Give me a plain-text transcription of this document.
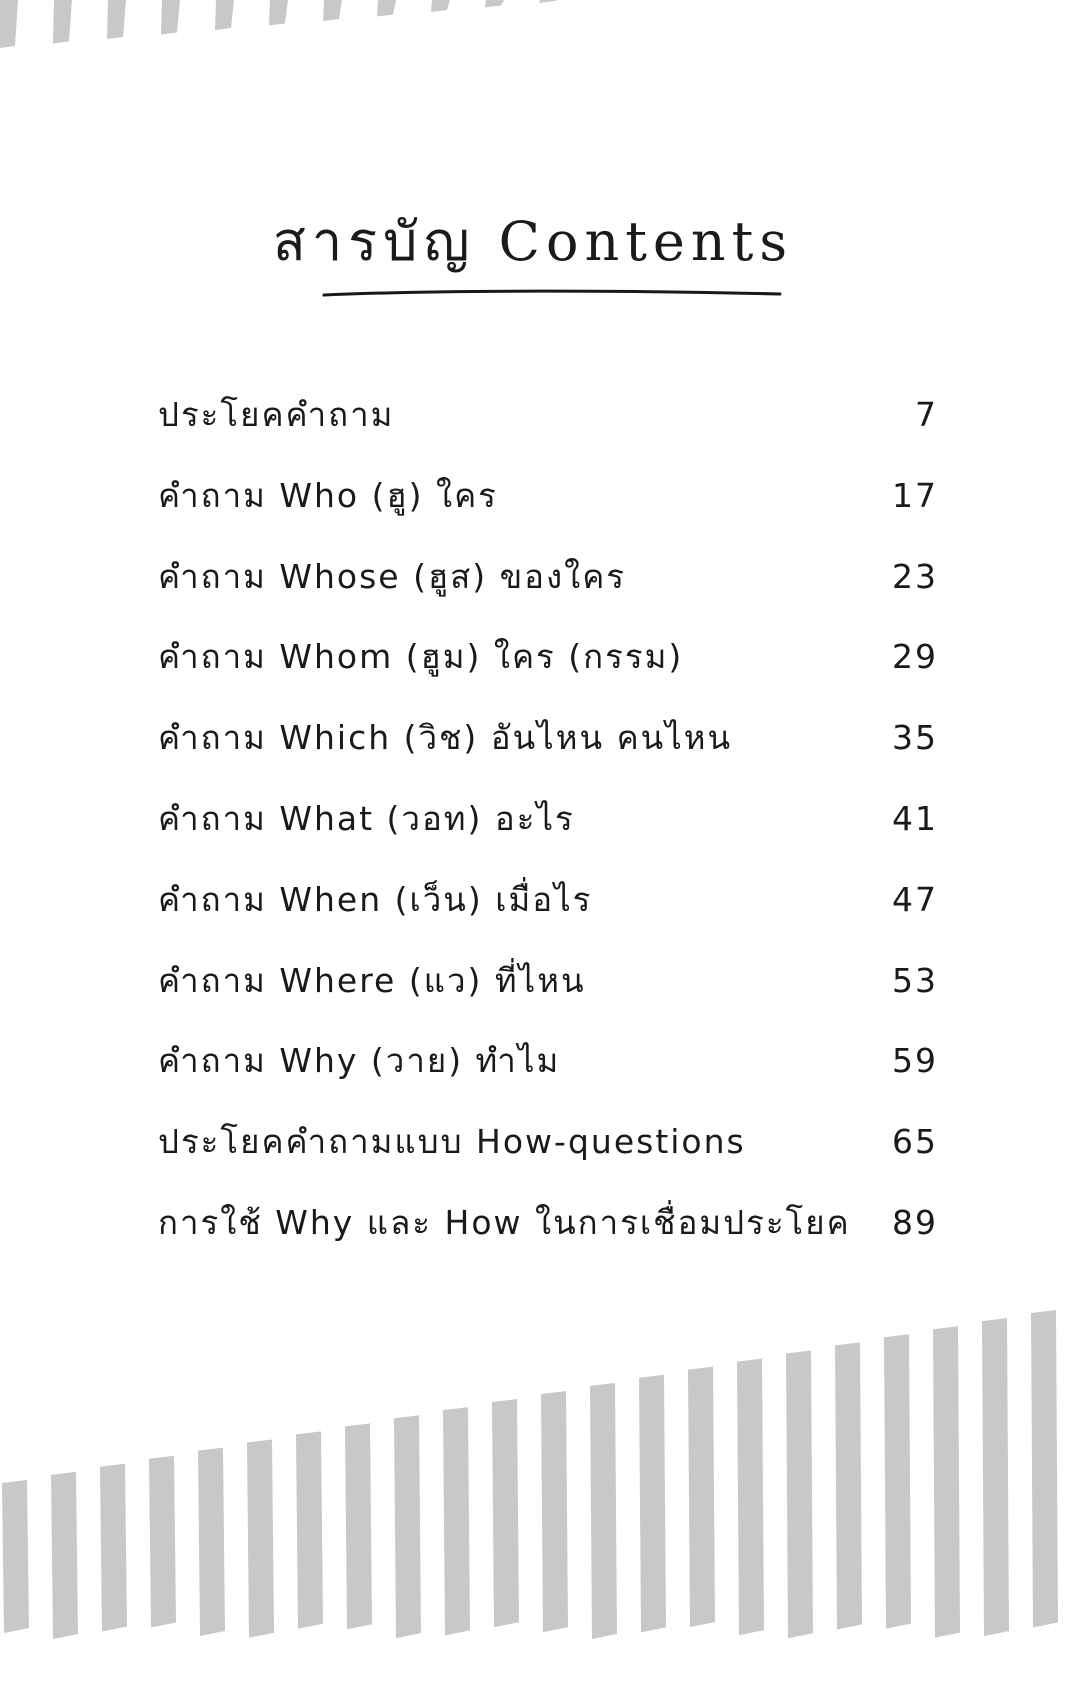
สารบัญ Contents
ประโยคคำถาม	7
คำถาม Who (ฮู) ใคร	17
คำถาม Whose (ฮูส) ของใคร	23
คำถาม Whom (ฮูม) ใคร (กรรม)	29
คำถาม Which (วิช) อันไหน คนไหน	35
คำถาม What (วอท) อะไร	41
คำถาม When (เว็น) เมื่อไร	47
คำถาม Where (แว) ที่ไหน	53
คำถาม Why (วาย) ทำไม	59
ประโยคคำถามแบบ How-questions	65
การใช้ Why และ How ในการเชื่อมประโยค	89
